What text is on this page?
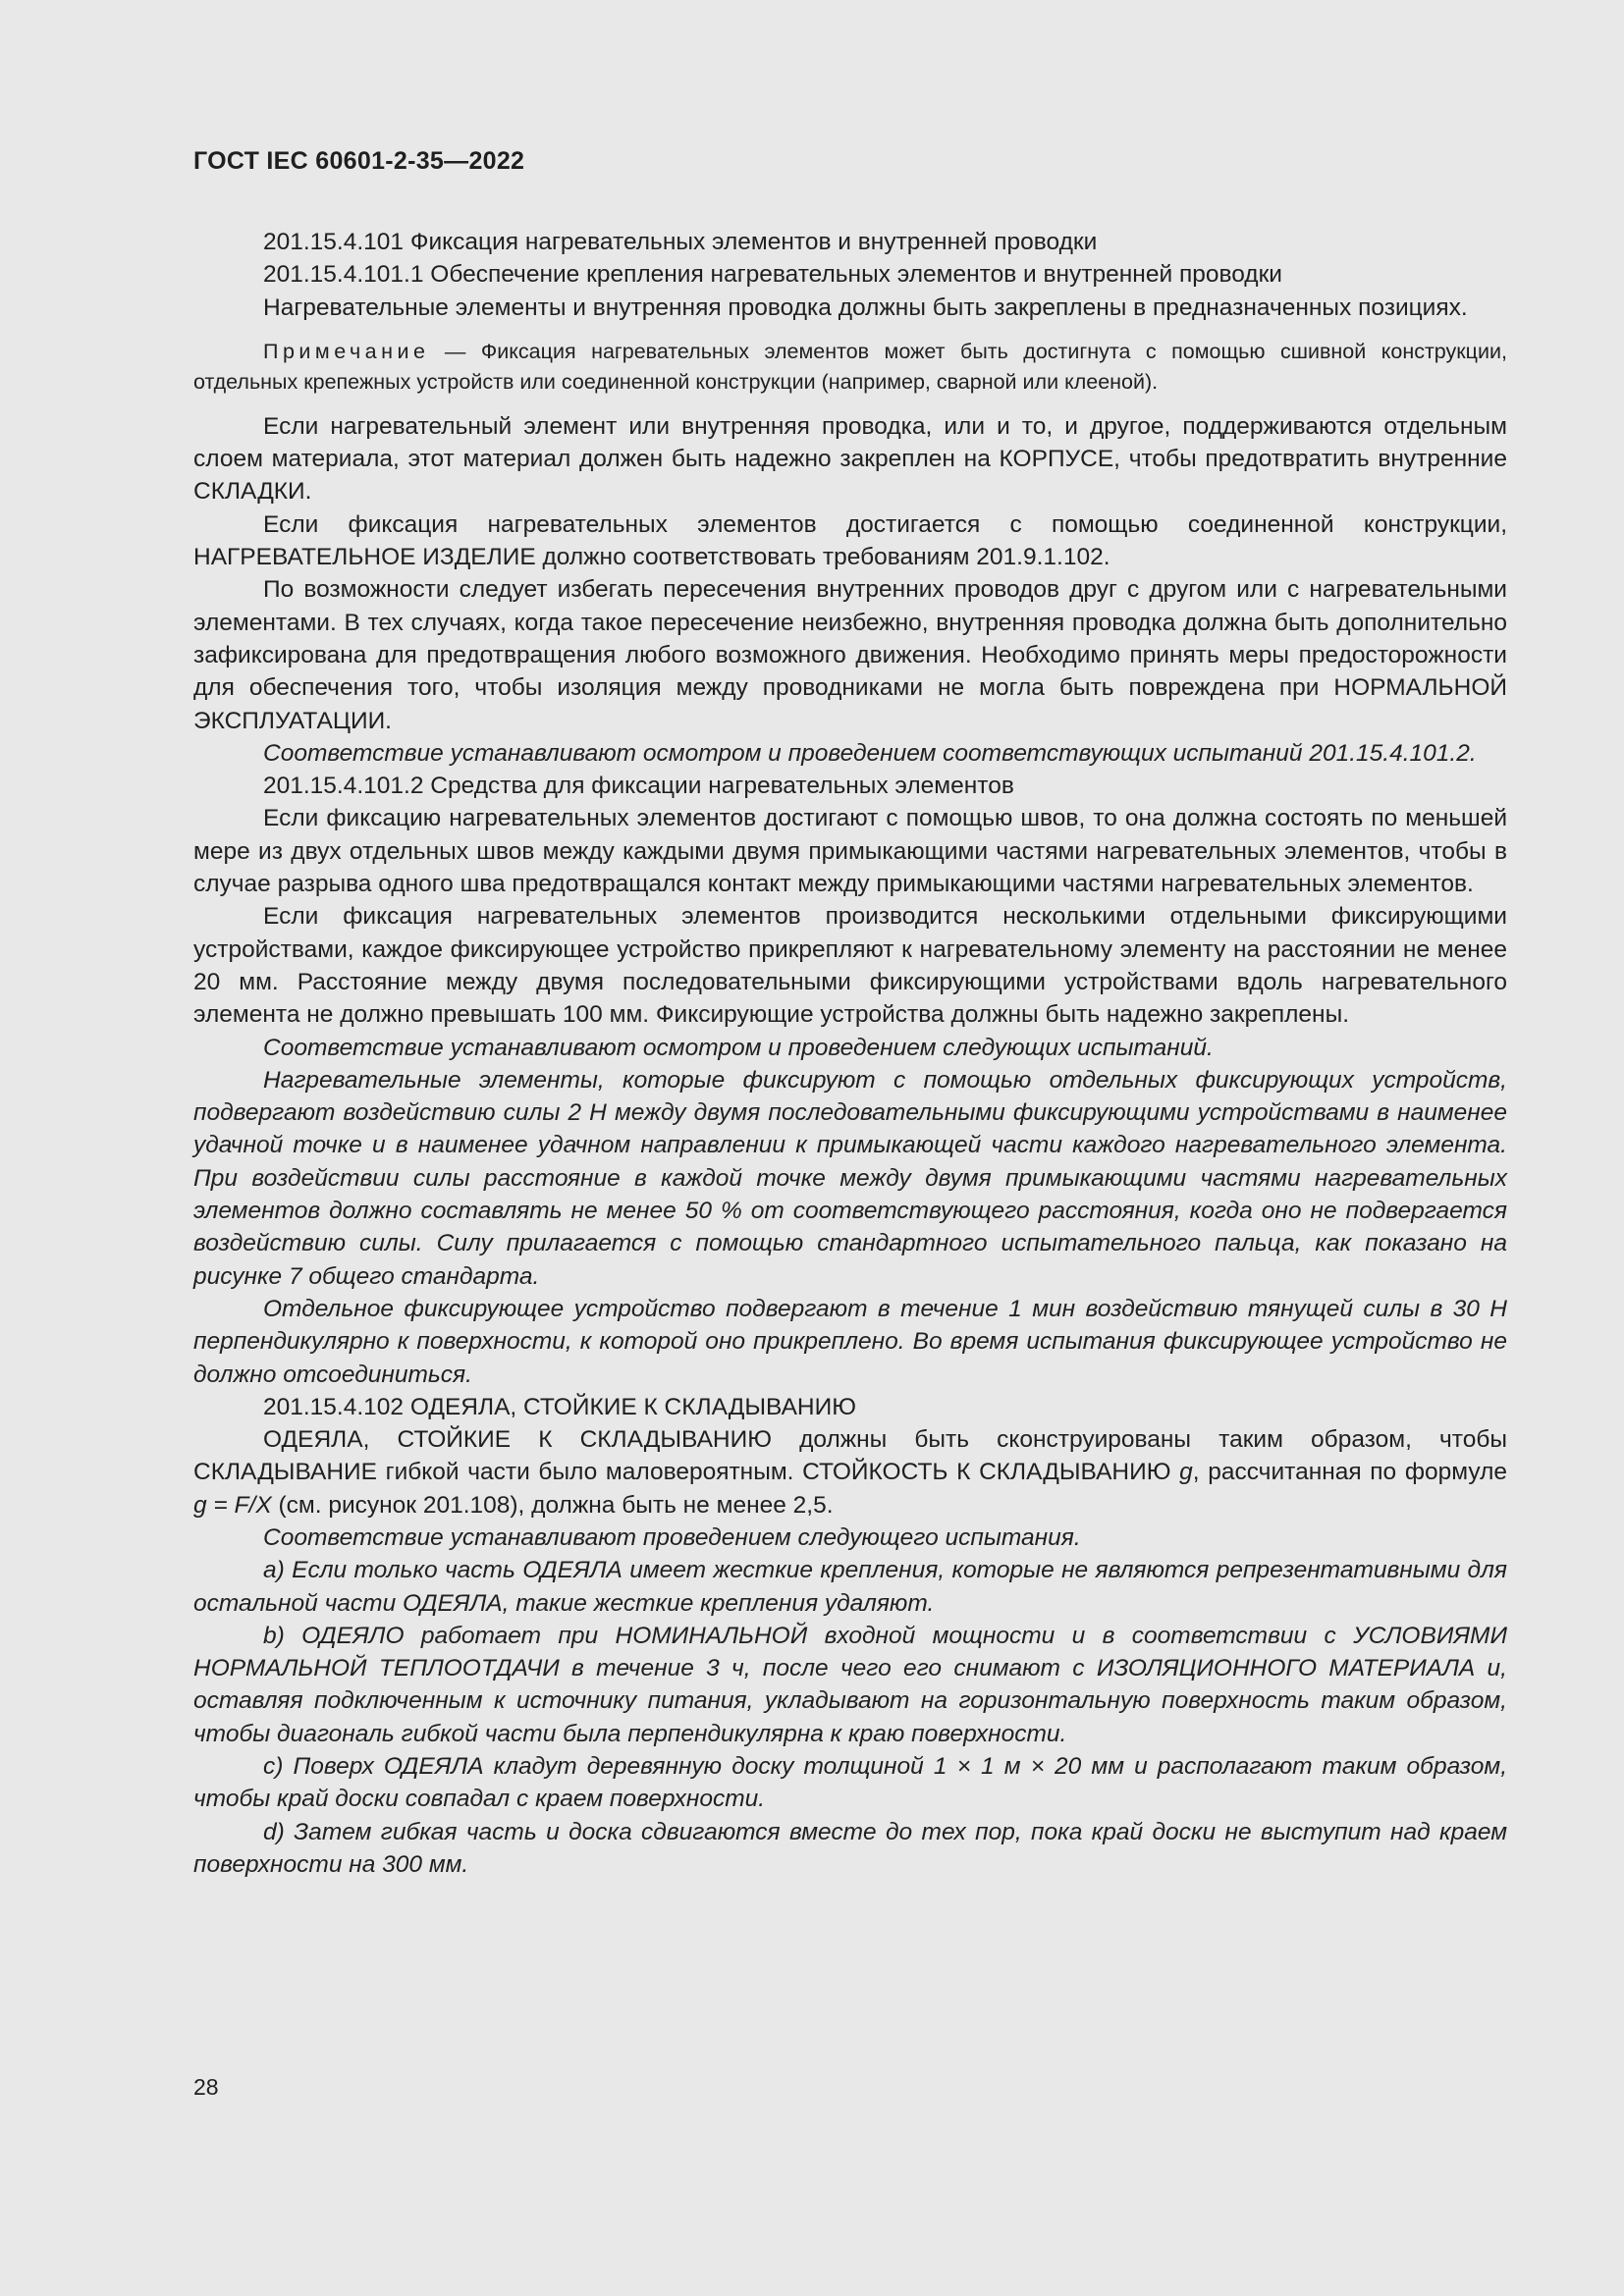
ГОСТ IEC 60601-2-35—2022

201.15.4.101 Фиксация нагревательных элементов и внутренней проводки

201.15.4.101.1 Обеспечение крепления нагревательных элементов и внутренней проводки

Нагревательные элементы и внутренняя проводка должны быть закреплены в предназначенных позициях.

Примечание — Фиксация нагревательных элементов может быть достигнута с помощью сшивной конструкции, отдельных крепежных устройств или соединенной конструкции (например, сварной или клееной).

Если нагревательный элемент или внутренняя проводка, или и то, и другое, поддерживаются отдельным слоем материала, этот материал должен быть надежно закреплен на КОРПУСЕ, чтобы предотвратить внутренние СКЛАДКИ.

Если фиксация нагревательных элементов достигается с помощью соединенной конструкции, НАГРЕВАТЕЛЬНОЕ ИЗДЕЛИЕ должно соответствовать требованиям 201.9.1.102.

По возможности следует избегать пересечения внутренних проводов друг с другом или с нагревательными элементами. В тех случаях, когда такое пересечение неизбежно, внутренняя проводка должна быть дополнительно зафиксирована для предотвращения любого возможного движения. Необходимо принять меры предосторожности для обеспечения того, чтобы изоляция между проводниками не могла быть повреждена при НОРМАЛЬНОЙ ЭКСПЛУАТАЦИИ.

Соответствие устанавливают осмотром и проведением соответствующих испытаний 201.15.4.101.2.

201.15.4.101.2 Средства для фиксации нагревательных элементов

Если фиксацию нагревательных элементов достигают с помощью швов, то она должна состоять по меньшей мере из двух отдельных швов между каждыми двумя примыкающими частями нагревательных элементов, чтобы в случае разрыва одного шва предотвращался контакт между примыкающими частями нагревательных элементов.

Если фиксация нагревательных элементов производится несколькими отдельными фиксирующими устройствами, каждое фиксирующее устройство прикрепляют к нагревательному элементу на расстоянии не менее 20 мм. Расстояние между двумя последовательными фиксирующими устройствами вдоль нагревательного элемента не должно превышать 100 мм. Фиксирующие устройства должны быть надежно закреплены.

Соответствие устанавливают осмотром и проведением следующих испытаний.

Нагревательные элементы, которые фиксируют с помощью отдельных фиксирующих устройств, подвергают воздействию силы 2 Н между двумя последовательными фиксирующими устройствами в наименее удачной точке и в наименее удачном направлении к примыкающей части каждого нагревательного элемента. При воздействии силы расстояние в каждой точке между двумя примыкающими частями нагревательных элементов должно составлять не менее 50 % от соответствующего расстояния, когда оно не подвергается воздействию силы. Силу прилагается с помощью стандартного испытательного пальца, как показано на рисунке 7 общего стандарта.

Отдельное фиксирующее устройство подвергают в течение 1 мин воздействию тянущей силы в 30 Н перпендикулярно к поверхности, к которой оно прикреплено. Во время испытания фиксирующее устройство не должно отсоединиться.

201.15.4.102 ОДЕЯЛА, СТОЙКИЕ К СКЛАДЫВАНИЮ

ОДЕЯЛА, СТОЙКИЕ К СКЛАДЫВАНИЮ должны быть сконструированы таким образом, чтобы СКЛАДЫВАНИЕ гибкой части было маловероятным. СТОЙКОСТЬ К СКЛАДЫВАНИЮ g, рассчитанная по формуле g = F/X (см. рисунок 201.108), должна быть не менее 2,5.

Соответствие устанавливают проведением следующего испытания.

a) Если только часть ОДЕЯЛА имеет жесткие крепления, которые не являются репрезентативными для остальной части ОДЕЯЛА, такие жесткие крепления удаляют.

b) ОДЕЯЛО работает при НОМИНАЛЬНОЙ входной мощности и в соответствии с УСЛОВИЯМИ НОРМАЛЬНОЙ ТЕПЛООТДАЧИ в течение 3 ч, после чего его снимают с ИЗОЛЯЦИОННОГО МАТЕРИАЛА и, оставляя подключенным к источнику питания, укладывают на горизонтальную поверхность таким образом, чтобы диагональ гибкой части была перпендикулярна к краю поверхности.

c) Поверх ОДЕЯЛА кладут деревянную доску толщиной 1 × 1 м × 20 мм и располагают таким образом, чтобы край доски совпадал с краем поверхности.

d) Затем гибкая часть и доска сдвигаются вместе до тех пор, пока край доски не выступит над краем поверхности на 300 мм.

28
